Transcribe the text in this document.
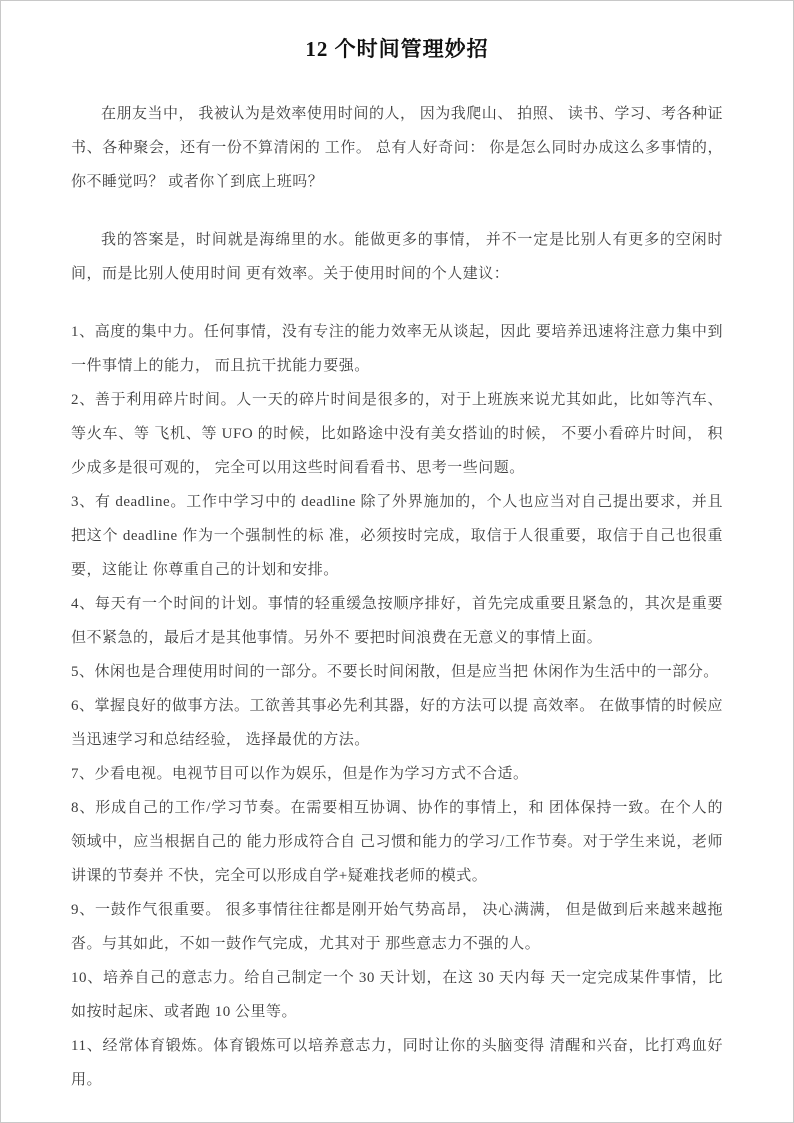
12 个时间管理妙招

在朋友当中， 我被认为是效率使用时间的人， 因为我爬山、 拍照、 读书、学习、考各种证书、各种聚会，还有一份不算清闲的 工作。 总有人好奇问： 你是怎么同时办成这么多事情的， 你不睡觉吗？ 或者你丫到底上班吗？

我的答案是，时间就是海绵里的水。能做更多的事情， 并不一定是比别人有更多的空闲时间，而是比别人使用时间 更有效率。关于使用时间的个人建议：

1、高度的集中力。任何事情，没有专注的能力效率无从谈起，因此 要培养迅速将注意力集中到一件事情上的能力， 而且抗干扰能力要强。

2、善于利用碎片时间。人一天的碎片时间是很多的，对于上班族来说尤其如此，比如等汽车、等火车、等 飞机、等 UFO 的时候，比如路途中没有美女搭讪的时候， 不要小看碎片时间， 积少成多是很可观的， 完全可以用这些时间看看书、思考一些问题。

3、有 deadline。工作中学习中的 deadline 除了外界施加的，个人也应当对自己提出要求，并且把这个 deadline 作为一个强制性的标 准，必须按时完成，取信于人很重要，取信于自己也很重要，这能让 你尊重自己的计划和安排。

4、每天有一个时间的计划。事情的轻重缓急按顺序排好，首先完成重要且紧急的，其次是重要但不紧急的，最后才是其他事情。另外不 要把时间浪费在无意义的事情上面。

5、休闲也是合理使用时间的一部分。不要长时间闲散，但是应当把 休闲作为生活中的一部分。

6、掌握良好的做事方法。工欲善其事必先利其器，好的方法可以提 高效率。 在做事情的时候应当迅速学习和总结经验， 选择最优的方法。

7、少看电视。电视节目可以作为娱乐，但是作为学习方式不合适。

8、形成自己的工作/学习节奏。在需要相互协调、协作的事情上，和 团体保持一致。在个人的领域中，应当根据自己的 能力形成符合自 己习惯和能力的学习/工作节奏。对于学生来说，老师讲课的节奏并 不快，完全可以形成自学+疑难找老师的模式。

9、一鼓作气很重要。 很多事情往往都是刚开始气势高昂， 决心满满， 但是做到后来越来越拖沓。与其如此，不如一鼓作气完成，尤其对于 那些意志力不强的人。

10、培养自己的意志力。给自己制定一个 30 天计划，在这 30 天内每 天一定完成某件事情，比如按时起床、或者跑 10 公里等。

11、经常体育锻炼。体育锻炼可以培养意志力，同时让你的头脑变得 清醒和兴奋，比打鸡血好用。
